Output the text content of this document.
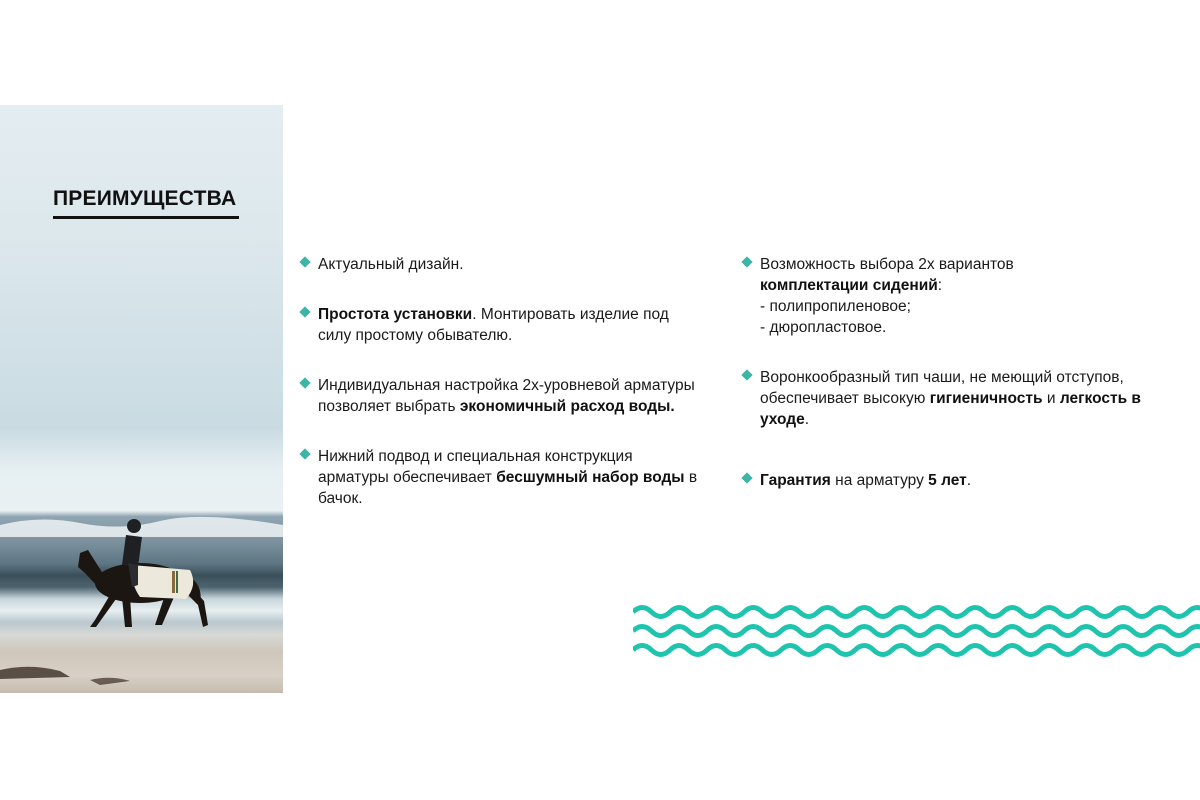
ПРЕИМУЩЕСТВА
Актуальный дизайн.
Простота установки. Монтировать изделие под силу простому обывателю.
Индивидуальная настройка 2х-уровневой арматуры позволяет выбрать экономичный расход воды.
Нижний подвод и специальная конструкция арматуры обеспечивает бесшумный набор воды в бачок.
Возможность выбора 2х вариантов
комплектации сидений:
- полипропиленовое;
- дюропластовое.
Воронкообразный тип чаши, не меющий отступов, обеспечивает высокую гигиеничность и легкость в уходе.
Гарантия на арматуру 5 лет.
